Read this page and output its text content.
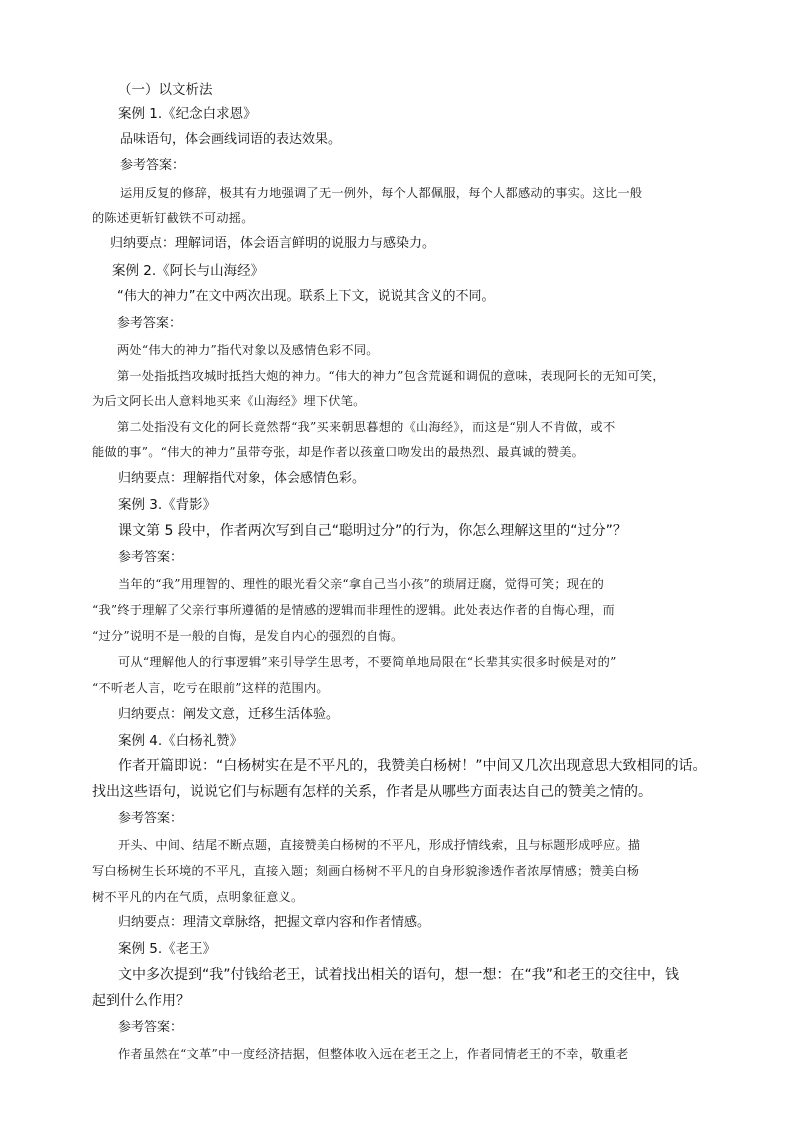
（一）以文析法
案例 1.《纪念白求恩》
品味语句，体会画线词语的表达效果。
参考答案：
运用反复的修辞，极其有力地强调了无一例外，每个人都佩服，每个人都感动的事实。这比一般
的陈述更斩钉截铁不可动摇。
归纳要点：理解词语，体会语言鲜明的说服力与感染力。
案例 2.《阿长与山海经》
“伟大的神力”在文中两次出现。联系上下文，说说其含义的不同。
参考答案：
两处“伟大的神力”指代对象以及感情色彩不同。
第一处指抵挡攻城时抵挡大炮的神力。“伟大的神力”包含荒诞和调侃的意味，表现阿长的无知可笑，
为后文阿长出人意料地买来《山海经》埋下伏笔。
第二处指没有文化的阿长竟然帮“我”买来朝思暮想的《山海经》，而这是“别人不肯做，或不
能做的事”。“伟大的神力”虽带夸张，却是作者以孩童口吻发出的最热烈、最真诚的赞美。
归纳要点：理解指代对象，体会感情色彩。
案例 3.《背影》
课文第 5 段中，作者两次写到自己“聪明过分”的行为，你怎么理解这里的“过分”？
参考答案：
当年的“我”用理智的、理性的眼光看父亲“拿自己当小孩”的琐屑迂腐，觉得可笑；现在的
“我”终于理解了父亲行事所遵循的是情感的逻辑而非理性的逻辑。此处表达作者的自悔心理，而
“过分”说明不是一般的自悔，是发自内心的强烈的自悔。
可从“理解他人的行事逻辑”来引导学生思考，不要简单地局限在“长辈其实很多时候是对的”
“不听老人言，吃亏在眼前”这样的范围内。
归纳要点：阐发文意，迁移生活体验。
案例 4.《白杨礼赞》
作者开篇即说：“白杨树实在是不平凡的，我赞美白杨树！”中间又几次出现意思大致相同的话。
找出这些语句，说说它们与标题有怎样的关系，作者是从哪些方面表达自己的赞美之情的。
参考答案：
开头、中间、结尾不断点题，直接赞美白杨树的不平凡，形成抒情线索，且与标题形成呼应。描
写白杨树生长环境的不平凡，直接入题；刻画白杨树不平凡的自身形貌渗透作者浓厚情感；赞美白杨
树不平凡的内在气质，点明象征意义。
归纳要点：理清文章脉络，把握文章内容和作者情感。
案例 5.《老王》
文中多次提到“我”付钱给老王，试着找出相关的语句，想一想：在“我”和老王的交往中，钱
起到什么作用？
参考答案：
作者虽然在“文革”中一度经济拮据，但整体收入远在老王之上，作者同情老王的不幸，敬重老
